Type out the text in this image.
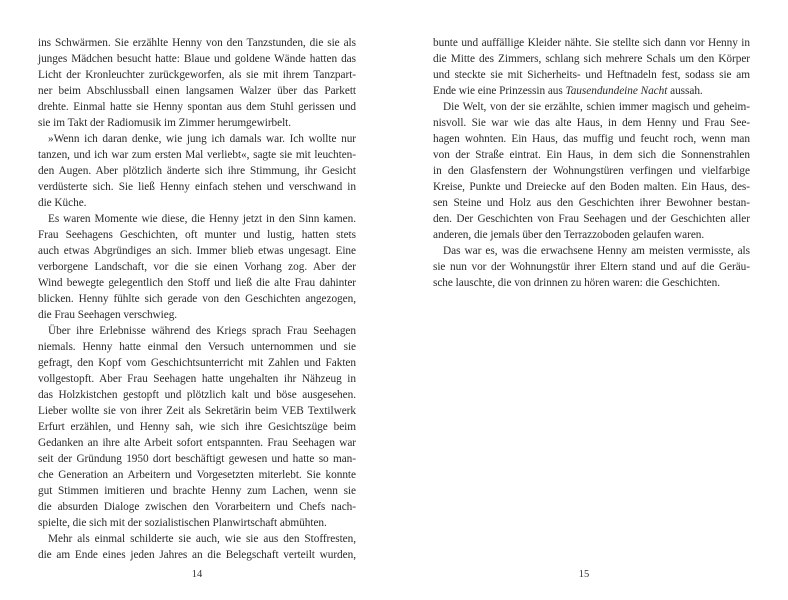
ins Schwärmen. Sie erzählte Henny von den Tanzstunden, die sie als
junges Mädchen besucht hatte: Blaue und goldene Wände hatten das
Licht der Kronleuchter zurückgeworfen, als sie mit ihrem Tanzpart-
ner beim Abschlussball einen langsamen Walzer über das Parkett
drehte. Einmal hatte sie Henny spontan aus dem Stuhl gerissen und
sie im Takt der Radiomusik im Zimmer herumgewirbelt.
»Wenn ich daran denke, wie jung ich damals war. Ich wollte nur
tanzen, und ich war zum ersten Mal verliebt«, sagte sie mit leuchten-
den Augen. Aber plötzlich änderte sich ihre Stimmung, ihr Gesicht
verdüsterte sich. Sie ließ Henny einfach stehen und verschwand in
die Küche.
Es waren Momente wie diese, die Henny jetzt in den Sinn kamen.
Frau Seehagens Geschichten, oft munter und lustig, hatten stets
auch etwas Abgründiges an sich. Immer blieb etwas ungesagt. Eine
verborgene Landschaft, vor die sie einen Vorhang zog. Aber der
Wind bewegte gelegentlich den Stoff und ließ die alte Frau dahinter
blicken. Henny fühlte sich gerade von den Geschichten angezogen,
die Frau Seehagen verschwieg.
Über ihre Erlebnisse während des Kriegs sprach Frau Seehagen
niemals. Henny hatte einmal den Versuch unternommen und sie
gefragt, den Kopf vom Geschichtsunterricht mit Zahlen und Fakten
vollgestopft. Aber Frau Seehagen hatte ungehalten ihr Nähzeug in
das Holzkistchen gestopft und plötzlich kalt und böse ausgesehen.
Lieber wollte sie von ihrer Zeit als Sekretärin beim VEB Textilwerk
Erfurt erzählen, und Henny sah, wie sich ihre Gesichtszüge beim
Gedanken an ihre alte Arbeit sofort entspannten. Frau Seehagen war
seit der Gründung 1950 dort beschäftigt gewesen und hatte so man-
che Generation an Arbeitern und Vorgesetzten miterlebt. Sie konnte
gut Stimmen imitieren und brachte Henny zum Lachen, wenn sie
die absurden Dialoge zwischen den Vorarbeitern und Chefs nach-
spielte, die sich mit der sozialistischen Planwirtschaft abmühten.
Mehr als einmal schilderte sie auch, wie sie aus den Stoffresten,
die am Ende eines jeden Jahres an die Belegschaft verteilt wurden,
14
bunte und auffällige Kleider nähte. Sie stellte sich dann vor Henny in
die Mitte des Zimmers, schlang sich mehrere Schals um den Körper
und steckte sie mit Sicherheits- und Heftnadeln fest, sodass sie am
Ende wie eine Prinzessin aus Tausendundeine Nacht aussah.
Die Welt, von der sie erzählte, schien immer magisch und geheim-
nisvoll. Sie war wie das alte Haus, in dem Henny und Frau See-
hagen wohnten. Ein Haus, das muffig und feucht roch, wenn man
von der Straße eintrat. Ein Haus, in dem sich die Sonnenstrahlen
in den Glasfenstern der Wohnungstüren verfingen und vielfarbige
Kreise, Punkte und Dreiecke auf den Boden malten. Ein Haus, des-
sen Steine und Holz aus den Geschichten ihrer Bewohner bestan-
den. Der Geschichten von Frau Seehagen und der Geschichten aller
anderen, die jemals über den Terrazzoboden gelaufen waren.
Das war es, was die erwachsene Henny am meisten vermisste, als
sie nun vor der Wohnungstür ihrer Eltern stand und auf die Geräu-
sche lauschte, die von drinnen zu hören waren: die Geschichten.
15
